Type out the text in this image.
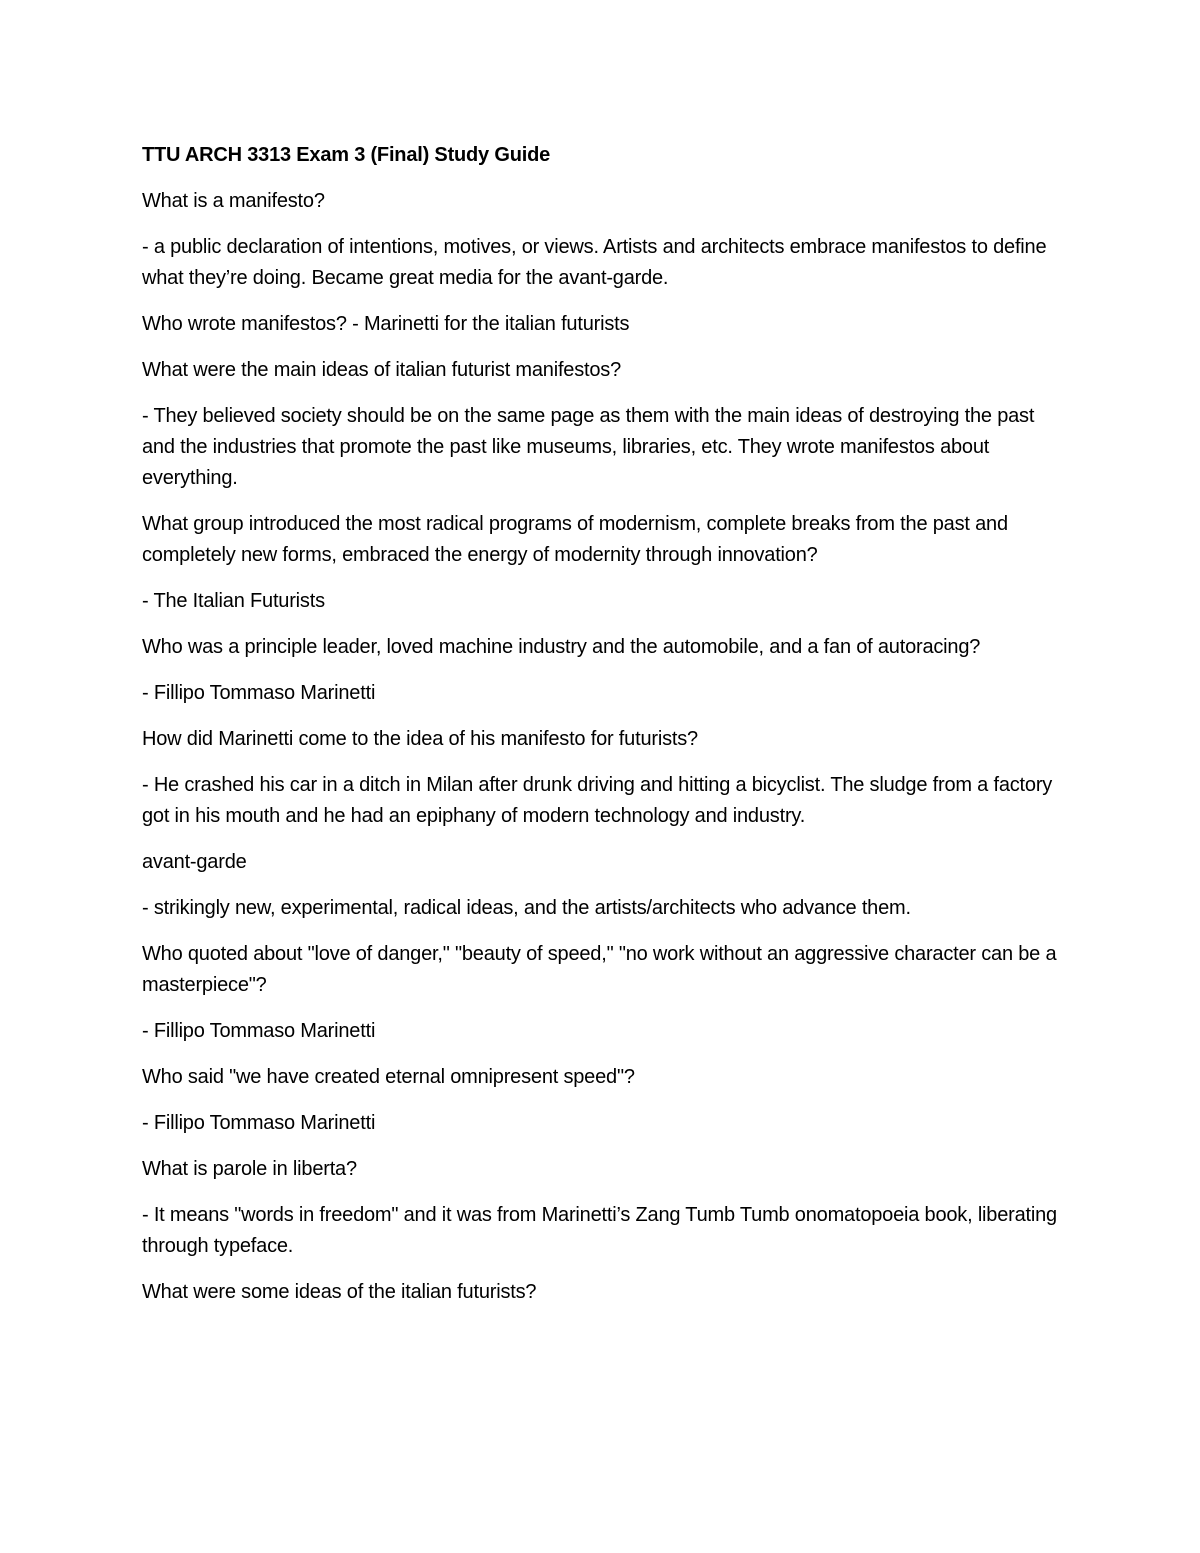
TTU ARCH 3313 Exam 3 (Final) Study Guide
What is a manifesto?
- a public declaration of intentions, motives, or views. Artists and architects embrace manifestos to define what they’re doing. Became great media for the avant-garde.
Who wrote manifestos? - Marinetti for the italian futurists
What were the main ideas of italian futurist manifestos?
- They believed society should be on the same page as them with the main ideas of destroying the past and the industries that promote the past like museums, libraries, etc. They wrote manifestos about everything.
What group introduced the most radical programs of modernism, complete breaks from the past and completely new forms, embraced the energy of modernity through innovation?
- The Italian Futurists
Who was a principle leader, loved machine industry and the automobile, and a fan of autoracing?
- Fillipo Tommaso Marinetti
How did Marinetti come to the idea of his manifesto for futurists?
- He crashed his car in a ditch in Milan after drunk driving and hitting a bicyclist. The sludge from a factory got in his mouth and he had an epiphany of modern technology and industry.
avant-garde
- strikingly new, experimental, radical ideas, and the artists/architects who advance them.
Who quoted about "love of danger," "beauty of speed," "no work without an aggressive character can be a masterpiece"?
- Fillipo Tommaso Marinetti
Who said "we have created eternal omnipresent speed"?
- Fillipo Tommaso Marinetti
What is parole in liberta?
- It means "words in freedom" and it was from Marinetti’s Zang Tumb Tumb onomatopoeia book, liberating through typeface.
What were some ideas of the italian futurists?
